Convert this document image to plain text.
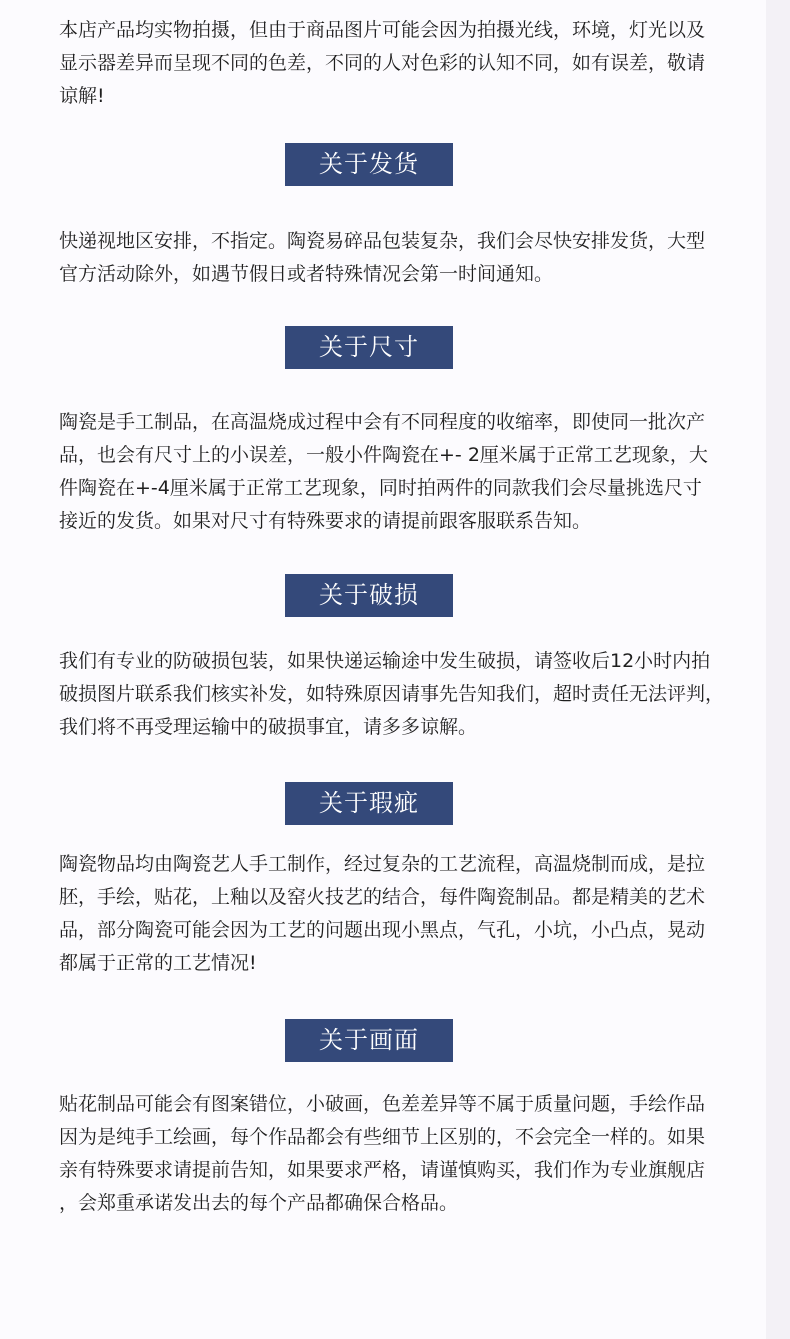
本店产品均实物拍摄，但由于商品图片可能会因为拍摄光线，环境，灯光以及
显示器差异而呈现不同的色差，不同的人对色彩的认知不同，如有误差，敬请
谅解!

关于发货

快递视地区安排，不指定。陶瓷易碎品包装复杂，我们会尽快安排发货，大型
官方活动除外，如遇节假日或者特殊情况会第一时间通知。

关于尺寸

陶瓷是手工制品，在高温烧成过程中会有不同程度的收缩率，即使同一批次产
品，也会有尺寸上的小误差，一般小件陶瓷在+- 2厘米属于正常工艺现象，大
件陶瓷在+-4厘米属于正常工艺现象，同时拍两件的同款我们会尽量挑选尺寸
接近的发货。如果对尺寸有特殊要求的请提前跟客服联系告知。

关于破损

我们有专业的防破损包装，如果快递运输途中发生破损，请签收后12小时内拍
破损图片联系我们核实补发，如特殊原因请事先告知我们，超时责任无法评判，
我们将不再受理运输中的破损事宜，请多多谅解。

关于瑕疵

陶瓷物品均由陶瓷艺人手工制作，经过复杂的工艺流程，高温烧制而成，是拉
胚，手绘，贴花，上釉以及窑火技艺的结合，每件陶瓷制品。都是精美的艺术
品，部分陶瓷可能会因为工艺的问题出现小黑点，气孔，小坑，小凸点，晃动
都属于正常的工艺情况!

关于画面

贴花制品可能会有图案错位，小破画，色差差异等不属于质量问题，手绘作品
因为是纯手工绘画，每个作品都会有些细节上区别的，不会完全一样的。如果
亲有特殊要求请提前告知，如果要求严格，请谨慎购买，我们作为专业旗舰店
，会郑重承诺发出去的每个产品都确保合格品。
